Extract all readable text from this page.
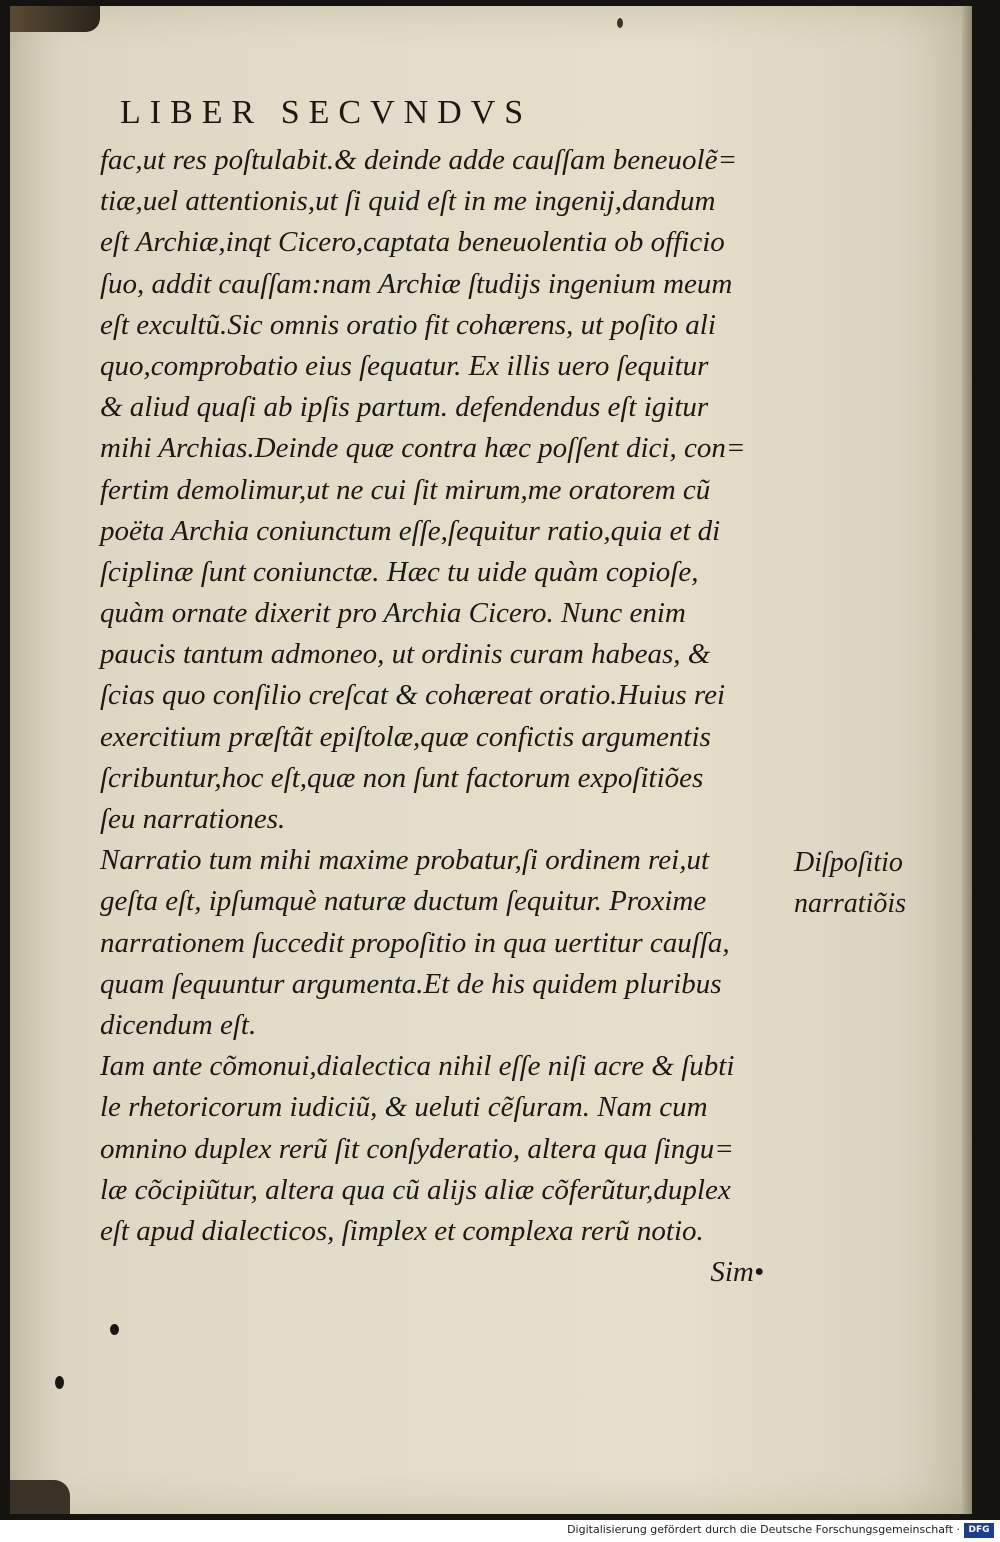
LIBER SECVNDVS
fac,ut res poſtulabit.& deinde adde cauſſam beneuolẽ=
tiæ,uel attentionis,ut ſi quid eſt in me ingenij,dandum
eſt Archiæ,inqt Cicero,captata beneuolentia ob officio
ſuo, addit cauſſam:nam Archiæ ſtudijs ingenium meum
eſt excultũ.Sic omnis oratio fit cohærens, ut poſito ali
quo,comprobatio eius ſequatur. Ex illis uero ſequitur
& aliud quaſi ab ipſis partum. defendendus eſt igitur
mihi Archias.Deinde quæ contra hæc poſſent dici, con=
fertim demolimur,ut ne cui ſit mirum,me oratorem cũ
poëta Archia coniunctum eſſe,ſequitur ratio,quia et di
ſciplinæ ſunt coniunctæ. Hæc tu uide quàm copioſe,
quàm ornate dixerit pro Archia Cicero. Nunc enim
paucis tantum admoneo, ut ordinis curam habeas, &
ſcias quo conſilio creſcat & cohæreat oratio.Huius rei
exercitium præſtãt epiſtolæ,quæ confictis argumentis
ſcribuntur,hoc eſt,quæ non ſunt factorum expoſitiões
ſeu narrationes.
Narratio tum mihi maxime probatur,ſi ordinem rei,ut
geſta eſt, ipſumquè naturæ ductum ſequitur. Proxime
narrationem ſuccedit propoſitio in qua uertitur cauſſa,
quam ſequuntur argumenta.Et de his quidem pluribus
dicendum eſt.
Iam ante cõmonui,dialectica nihil eſſe niſi acre & ſubti
le rhetoricorum iudiciũ, & ueluti cẽſuram. Nam cum
omnino duplex rerũ ſit conſyderatio, altera qua ſingu=
læ cõcipiũtur, altera qua cũ alijs aliæ cõferũtur,duplex
eſt apud dialecticos, ſimplex et complexa rerũ notio.
Sim•
Diſpoſitio
narratiõis
Digitalisierung gefördert durch die Deutsche Forschungsgemeinschaft · DFG
